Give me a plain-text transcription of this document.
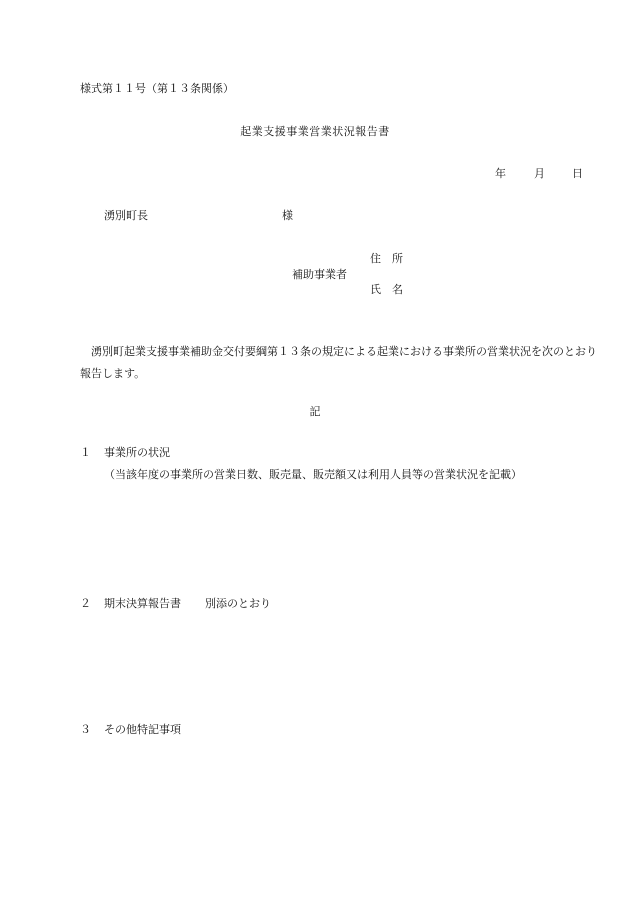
様式第１１号（第１３条関係）
起業支援事業営業状況報告書
年	月 日
湧別町長	様
住　所
補助事業者
氏　名
湧別町起業支援事業補助金交付要綱第１３条の規定による起業における事業所の営業状況を次のとおり報告します。
記
１ 事業所の状況
（当該年度の事業所の営業日数、販売量、販売額又は利用人員等の営業状況を記載）
２ 期末決算報告書 別添のとおり
３ その他特記事項
